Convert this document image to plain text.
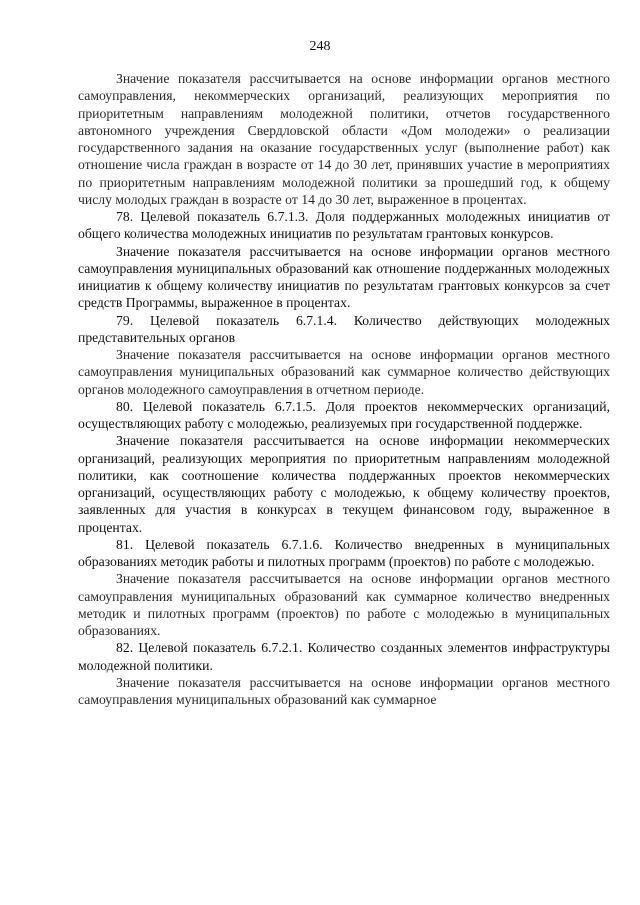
248

Значение показателя рассчитывается на основе информации органов местного самоуправления, некоммерческих организаций, реализующих мероприятия по приоритетным направлениям молодежной политики, отчетов государственного автономного учреждения Свердловской области «Дом молодежи» о реализации государственного задания на оказание государственных услуг (выполнение работ) как отношение числа граждан в возрасте от 14 до 30 лет, принявших участие в мероприятиях по приоритетным направлениям молодежной политики за прошедший год, к общему числу молодых граждан в возрасте от 14 до 30 лет, выраженное в процентах.

78. Целевой показатель 6.7.1.3. Доля поддержанных молодежных инициатив от общего количества молодежных инициатив по результатам грантовых конкурсов.

Значение показателя рассчитывается на основе информации органов местного самоуправления муниципальных образований как отношение поддержанных молодежных инициатив к общему количеству инициатив по результатам грантовых конкурсов за счет средств Программы, выраженное в процентах.

79. Целевой показатель 6.7.1.4. Количество действующих молодежных представительных органов

Значение показателя рассчитывается на основе информации органов местного самоуправления муниципальных образований как суммарное количество действующих органов молодежного самоуправления в отчетном периоде.

80. Целевой показатель 6.7.1.5. Доля проектов некоммерческих организаций, осуществляющих работу с молодежью, реализуемых при государственной поддержке.

Значение показателя рассчитывается на основе информации некоммерческих организаций, реализующих мероприятия по приоритетным направлениям молодежной политики, как соотношение количества поддержанных проектов некоммерческих организаций, осуществляющих работу с молодежью, к общему количеству проектов, заявленных для участия в конкурсах в текущем финансовом году, выраженное в процентах.

81. Целевой показатель 6.7.1.6. Количество внедренных в муниципальных образованиях методик работы и пилотных программ (проектов) по работе с молодежью.

Значение показателя рассчитывается на основе информации органов местного самоуправления муниципальных образований как суммарное количество внедренных методик и пилотных программ (проектов) по работе с молодежью в муниципальных образованиях.

82. Целевой показатель 6.7.2.1. Количество созданных элементов инфраструктуры молодежной политики.

Значение показателя рассчитывается на основе информации органов местного самоуправления муниципальных образований как суммарное
